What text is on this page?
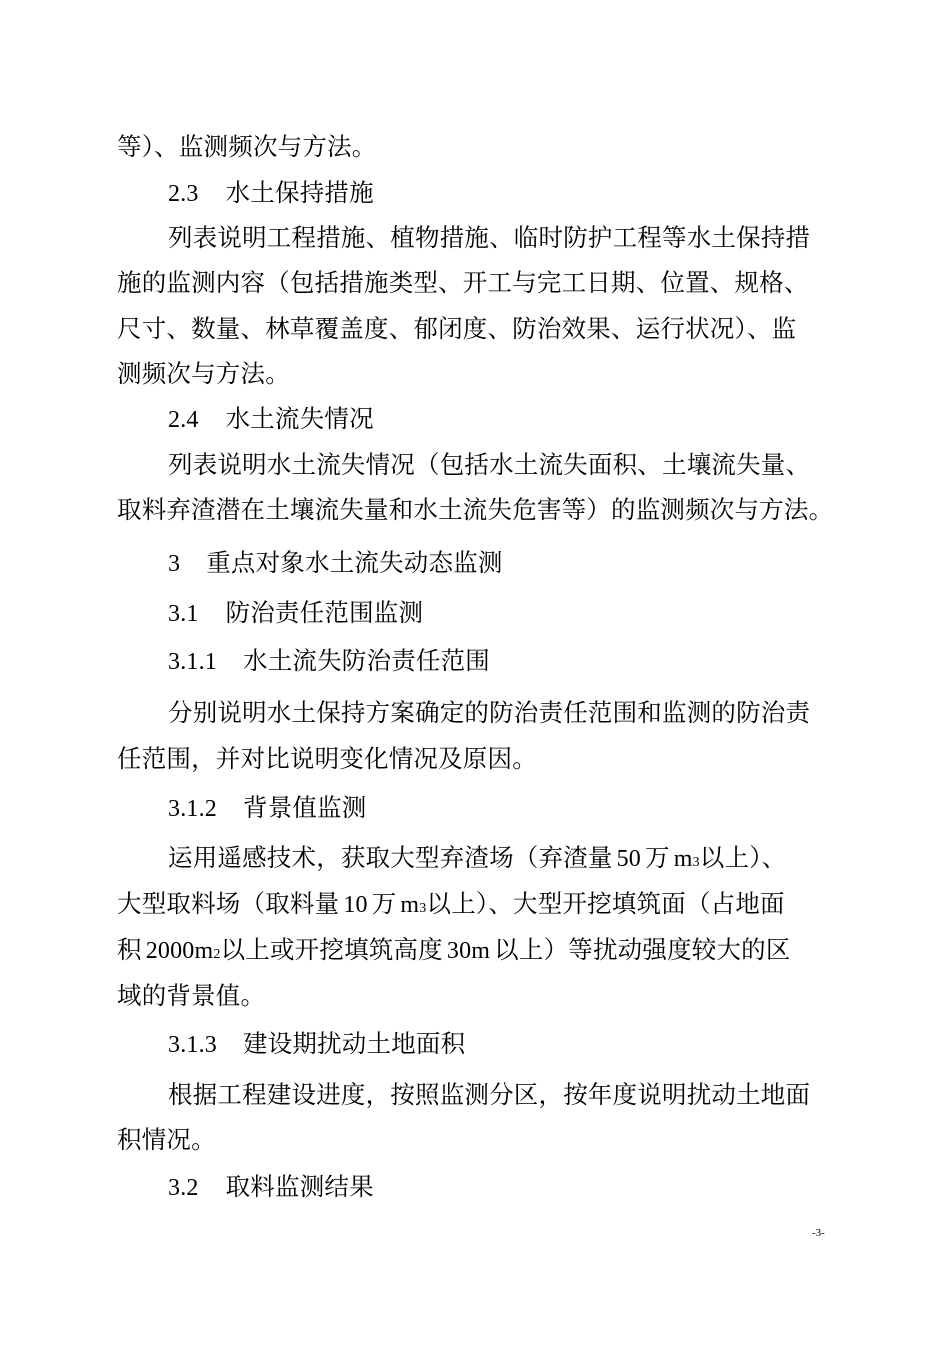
等）、监测频次与方法。
2.3 水土保持措施
列表说明工程措施、植物措施、临时防护工程等水土保持措
施的监测内容（包括措施类型、开工与完工日期、位置、规格、
尺寸、数量、林草覆盖度、郁闭度、防治效果、运行状况）、监
测频次与方法。
2.4 水土流失情况
列表说明水土流失情况（包括水土流失面积、土壤流失量、
取料弃渣潜在土壤流失量和水土流失危害等）的监测频次与方法。
3 重点对象水土流失动态监测
3.1 防治责任范围监测
3.1.1 水土流失防治责任范围
分别说明水土保持方案确定的防治责任范围和监测的防治责
任范围，并对比说明变化情况及原因。
3.1.2 背景值监测
运用遥感技术，获取大型弃渣场（弃渣量 50 万 m3以上）、
大型取料场（取料量 10 万 m3以上）、大型开挖填筑面（占地面
积 2000m2以上或开挖填筑高度 30m 以上）等扰动强度较大的区
域的背景值。
3.1.3 建设期扰动土地面积
根据工程建设进度，按照监测分区，按年度说明扰动土地面
积情况。
3.2 取料监测结果
-3-
